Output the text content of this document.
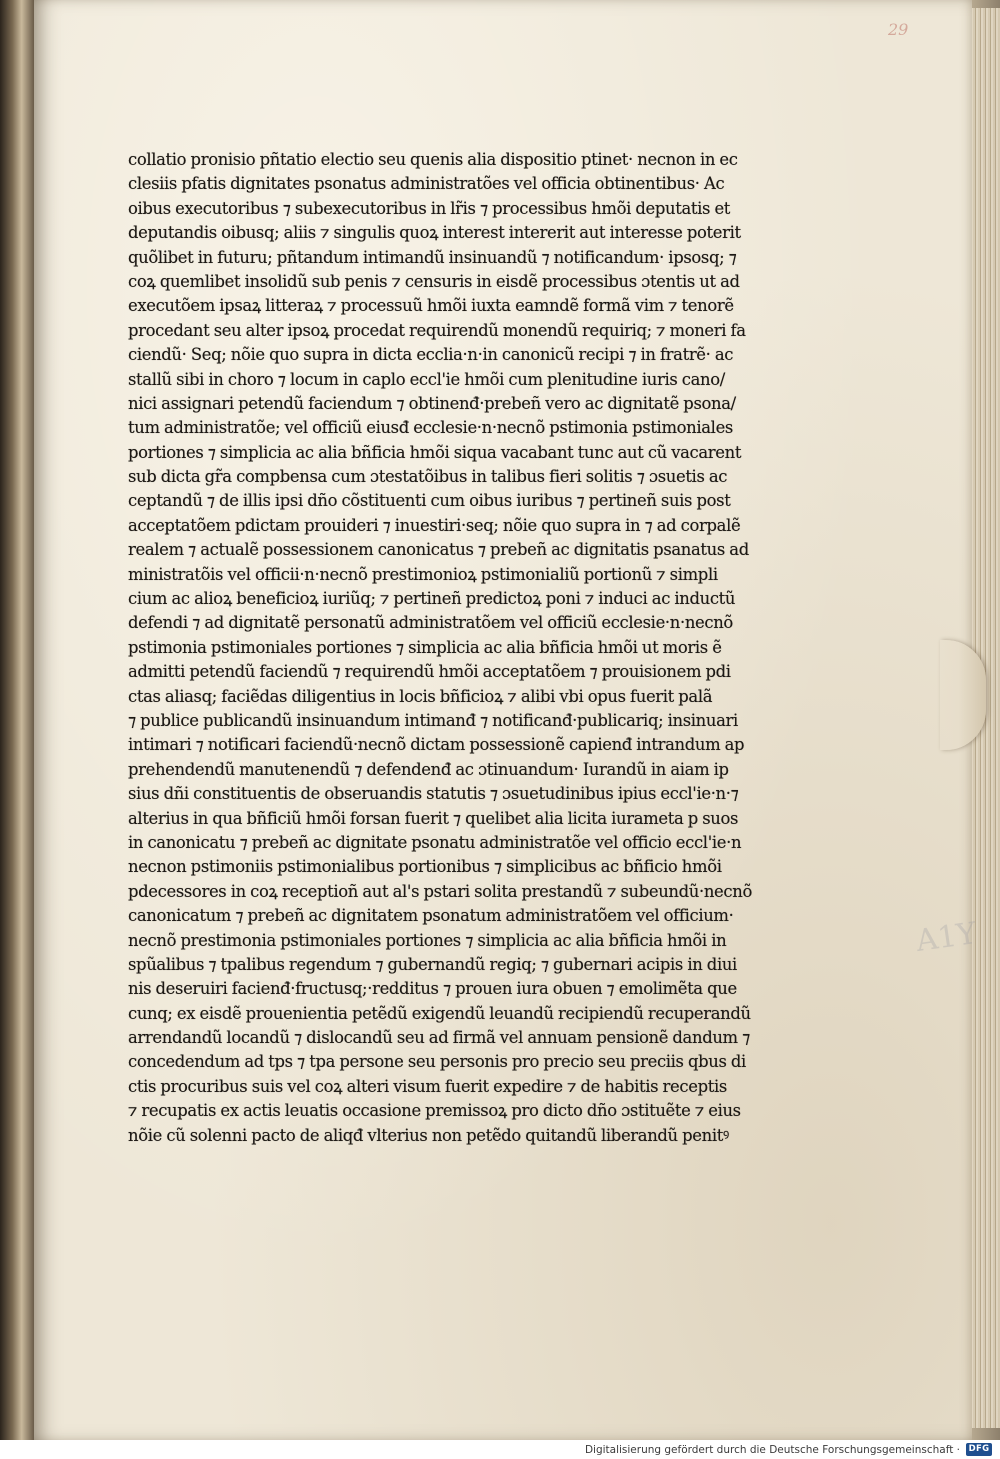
29
A1Y
collatio pronisio pñtatio electio seu quenis alia dispositio ptinet· necnon in ec
clesiis pfatis dignitates psonatus administratões vel officia obtinentibus· Ac
oibus executoribus ⁊ subexecutoribus in lr̃is ⁊ processibus hmõi deputatis et
deputandis oibusq; aliis ⁊ singulis quoꝝ interest intererit aut interesse poterit
quõlibet in futuru; pñtandum intimandũ insinuandũ ⁊ notificandum· ipsosq; ⁊
coꝝ quemlibet insolidũ sub penis ⁊ censuris in eisdẽ processibus ɔtentis ut ad
executõem ipsaꝝ litteraꝝ ⁊ processuũ hmõi iuxta eamndẽ formã vim ⁊ tenorẽ
procedant seu alter ipsoꝝ procedat requirendũ monendũ requiriq; ⁊ moneri fa
ciendũ· Seq; nõie quo supra in dicta ecclia·n·in canonicũ recipi ⁊ in fratrẽ· ac
stallũ sibi in choro ⁊ locum in caplo eccl'ie hmõi cum plenitudine iuris cano/
nici assignari petendũ faciendum ⁊ obtinenđ·prebeñ vero ac dignitatẽ psona/
tum administratõe; vel officiũ eiusđ ecclesie·n·necnõ pstimonia pstimoniales
portiones ⁊ simplicia ac alia bñficia hmõi siqua vacabant tunc aut cũ vacarent
sub dicta gr̃a compbensa cum ɔtestatõibus in talibus fieri solitis ⁊ ɔsuetis ac
ceptandũ ⁊ de illis ipsi dño cõstituenti cum oibus iuribus ⁊ pertineñ suis post
acceptatõem pdictam prouideri ⁊ inuestiri·seq; nõie quo supra in ⁊ ad corpalẽ
realem ⁊ actualẽ possessionem canonicatus ⁊ prebeñ ac dignitatis psanatus ad
ministratõis vel officii·n·necnõ prestimonioꝝ pstimonialiũ portionũ ⁊ simpli
cium ac alioꝝ beneficioꝝ iuriũq; ⁊ pertineñ predictoꝝ poni ⁊ induci ac inductũ
defendi ⁊ ad dignitatẽ personatũ administratõem vel officiũ ecclesie·n·necnõ
pstimonia pstimoniales portiones ⁊ simplicia ac alia bñficia hmõi ut moris ẽ
admitti petendũ faciendũ ⁊ requirendũ hmõi acceptatõem ⁊ prouisionem pdi
ctas aliasq; faciẽdas diligentius in locis bñficioꝝ ⁊ alibi vbi opus fuerit palã
⁊ publice publicandũ insinuandum intimanđ ⁊ notificanđ·publicariq; insinuari
intimari ⁊ notificari faciendũ·necnõ dictam possessionẽ capienđ intrandum ap
prehendendũ manutenendũ ⁊ defendenđ ac ɔtinuandum· Iurandũ in aiam ip
sius dñi constituentis de obseruandis statutis ⁊ ɔsuetudinibus ipius eccl'ie·n·⁊
alterius in qua bñficiũ hmõi forsan fuerit ⁊ quelibet alia licita iurameta p suos
in canonicatu ⁊ prebeñ ac dignitate psonatu administratõe vel officio eccl'ie·n
necnon pstimoniis pstimonialibus portionibus ⁊ simplicibus ac bñficio hmõi
pdecessores in coꝝ receptioñ aut al's pstari solita prestandũ ⁊ subeundũ·necnõ
canonicatum ⁊ prebeñ ac dignitatem psonatum administratõem vel officium·
necnõ prestimonia pstimoniales portiones ⁊ simplicia ac alia bñficia hmõi in
spũalibus ⁊ tpalibus regendum ⁊ gubernandũ regiq; ⁊ gubernari acipis in diui
nis deseruiri facienđ·fructusq;·redditus ⁊ prouen iura obuen ⁊ emolimẽta que
cunq; ex eisdẽ prouenientia petẽdũ exigendũ leuandũ recipiendũ recuperandũ
arrendandũ locandũ ⁊ dislocandũ seu ad firmã vel annuam pensionẽ dandum ⁊
concedendum ad tps ⁊ tpa persone seu personis pro precio seu preciis qbus di
ctis procuribus suis vel coꝝ alteri visum fuerit expedire ⁊ de habitis receptis
⁊ recupatis ex actis leuatis occasione premissoꝝ pro dicto dño ɔstituẽte ⁊ eius
nõie cũ solenni pacto de aliqđ vlterius non petẽdo quitandũ liberandũ penitꝰ
Digitalisierung gefördert durch die Deutsche Forschungsgemeinschaft ·	DFG
